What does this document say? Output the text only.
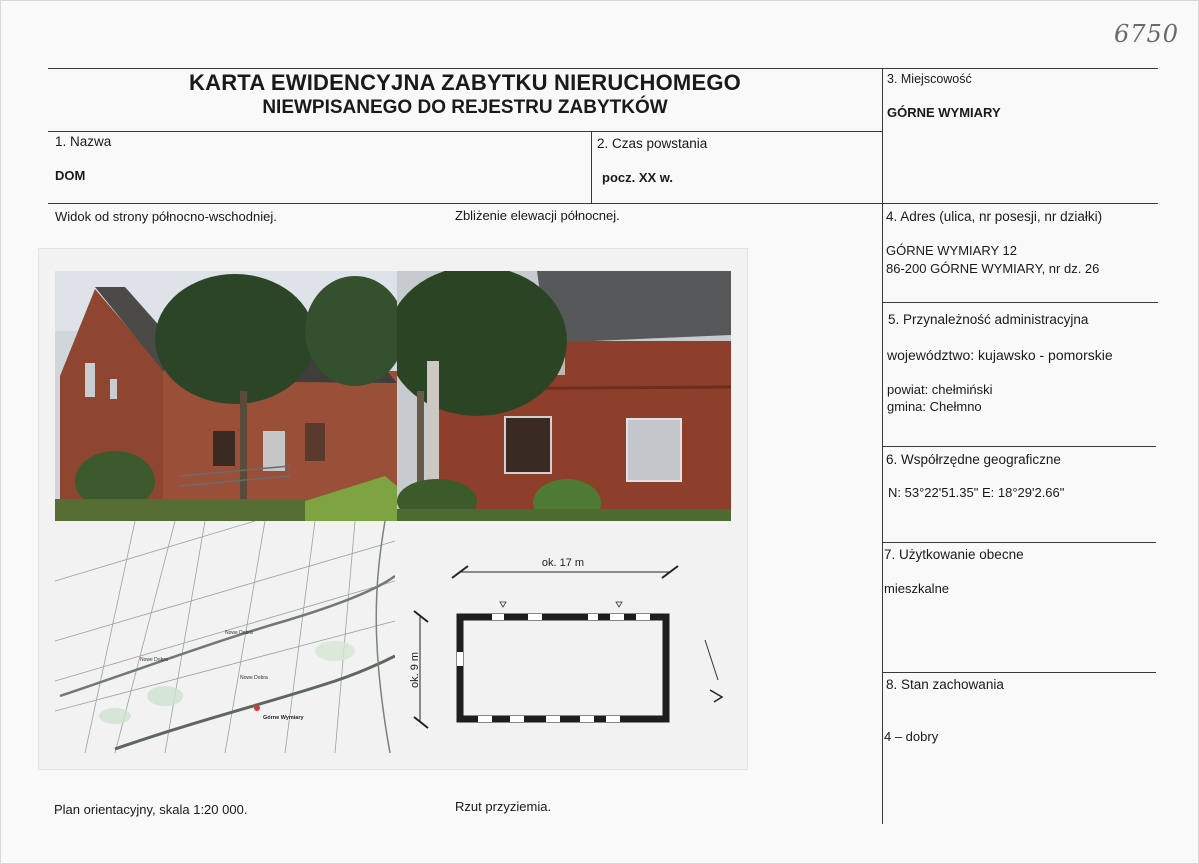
6750
KARTA EWIDENCYJNA ZABYTKU NIERUCHOMEGO
NIEWPISANEGO DO REJESTRU ZABYTKÓW
1. Nazwa
DOM
2. Czas powstania
pocz. XX w.
3. Miejscowość
GÓRNE WYMIARY
Widok od strony północno-wschodniej.	Zbliżenie elewacji północnej.	4. Adres (ulica, nr posesji, nr działki)
GÓRNE WYMIARY 12
86-200 GÓRNE WYMIARY, nr dz. 26
5. Przynależność administracyjna
województwo: kujawsko - pomorskie
powiat: chełmiński
gmina: Chełmno
6. Współrzędne geograficzne
N: 53°22'51.35" E: 18°29'2.66"
7. Użytkowanie obecne
mieszkalne
8. Stan zachowania
4 – dobry
Nowe Dobra
Nowe Dobra
Nowe Dobra
Górne Wymiary
ok. 17 m
ok. 9 m
Plan orientacyjny, skala 1:20 000.	Rzut przyziemia.
